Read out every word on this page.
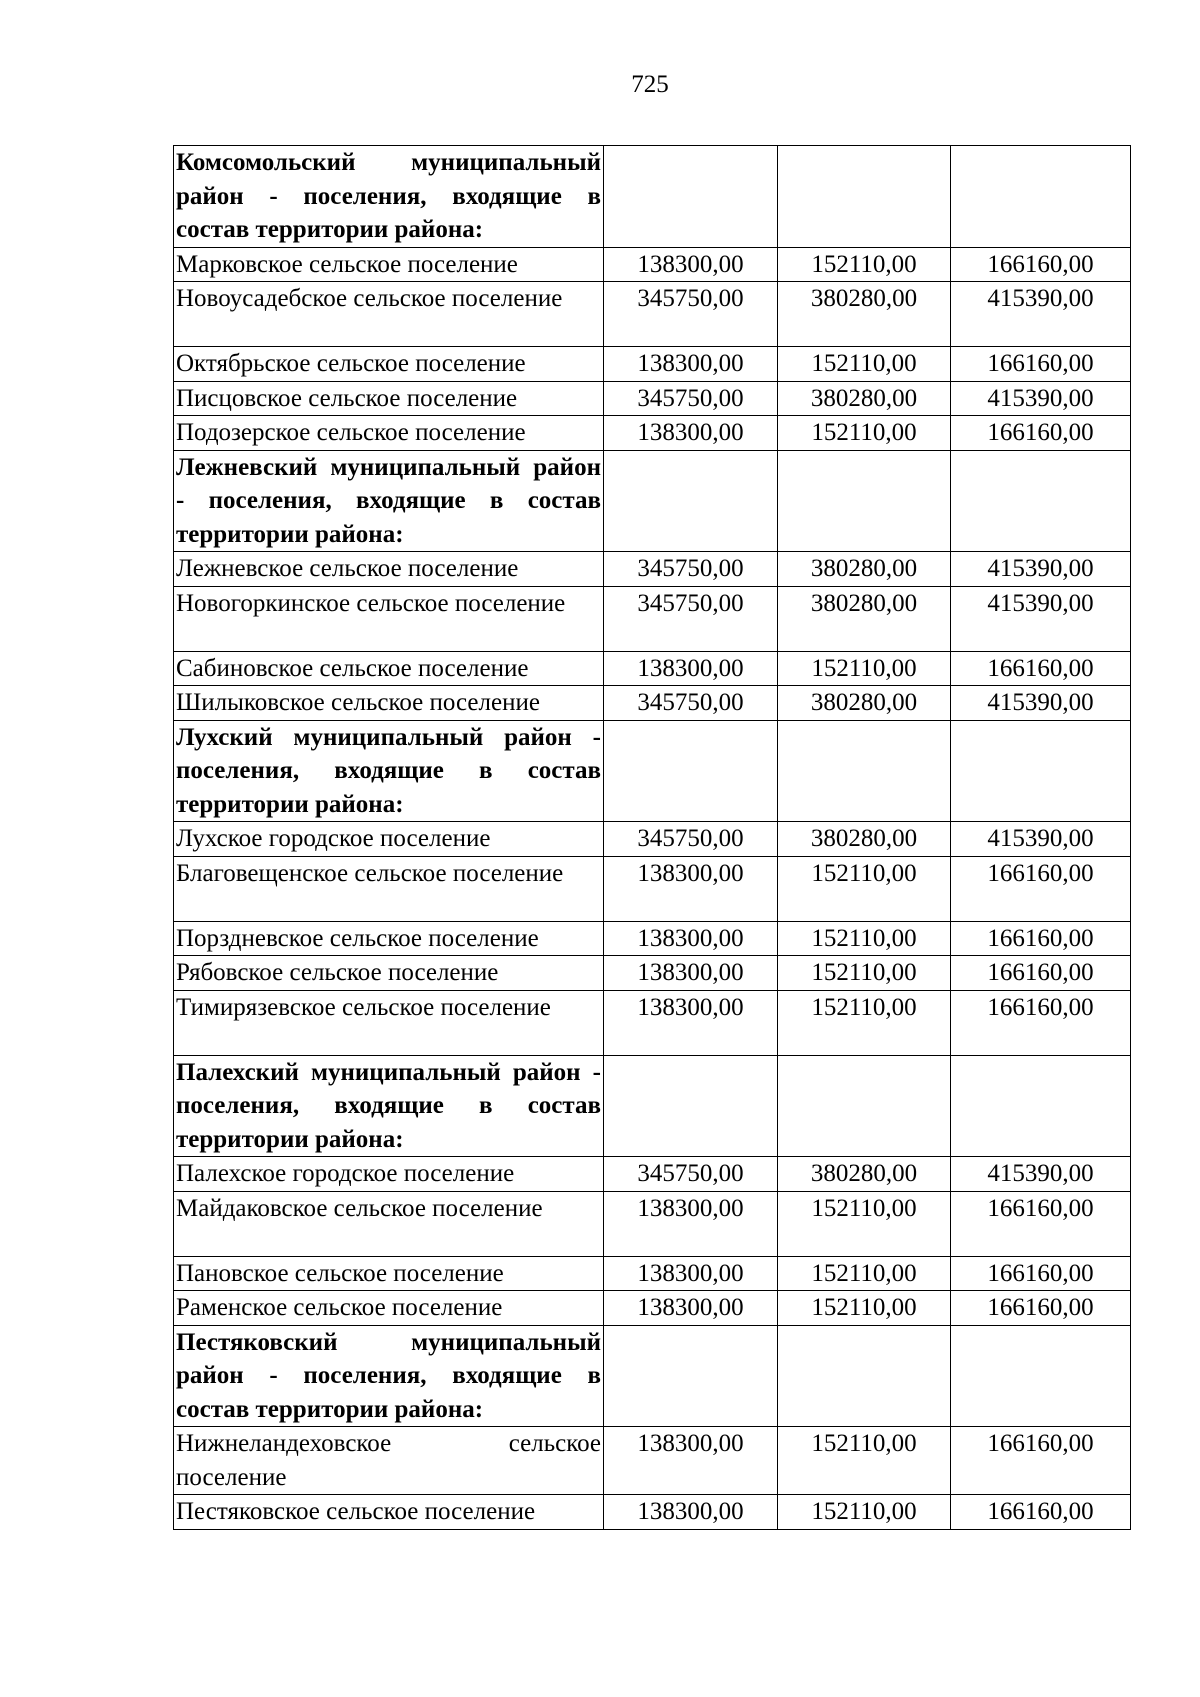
725
Комсомольский муниципальный район - поселения, входящие в состав территории района:			
Марковское сельское поселение	138300,00	152110,00	166160,00
Новоусадебское сельское поселение	345750,00	380280,00	415390,00
Октябрьское сельское поселение	138300,00	152110,00	166160,00
Писцовское сельское поселение	345750,00	380280,00	415390,00
Подозерское сельское поселение	138300,00	152110,00	166160,00
Лежневский муниципальный район - поселения, входящие в состав территории района:			
Лежневское сельское поселение	345750,00	380280,00	415390,00
Новогоркинское сельское поселение	345750,00	380280,00	415390,00
Сабиновское сельское поселение	138300,00	152110,00	166160,00
Шилыковское сельское поселение	345750,00	380280,00	415390,00
Лухский муниципальный район - поселения, входящие в состав территории района:			
Лухское городское поселение	345750,00	380280,00	415390,00
Благовещенское сельское поселение	138300,00	152110,00	166160,00
Порздневское сельское поселение	138300,00	152110,00	166160,00
Рябовское сельское поселение	138300,00	152110,00	166160,00
Тимирязевское сельское поселение	138300,00	152110,00	166160,00
Палехский муниципальный район - поселения, входящие в состав территории района:			
Палехское городское поселение	345750,00	380280,00	415390,00
Майдаковское сельское поселение	138300,00	152110,00	166160,00
Пановское сельское поселение	138300,00	152110,00	166160,00
Раменское сельское поселение	138300,00	152110,00	166160,00
Пестяковский муниципальный район - поселения, входящие в состав территории района:			
Нижнеландеховское сельское поселение	138300,00	152110,00	166160,00
Пестяковское сельское поселение	138300,00	152110,00	166160,00
